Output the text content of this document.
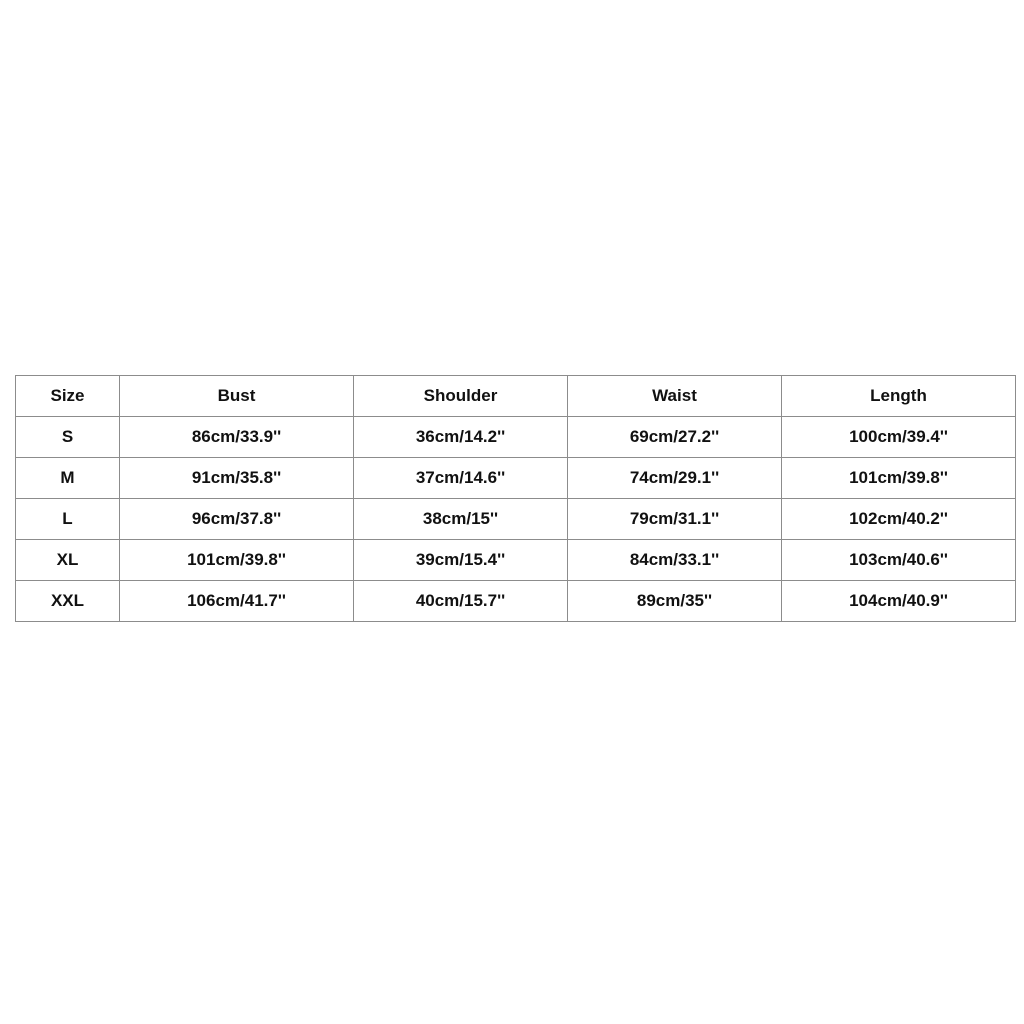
Size	Bust	Shoulder	Waist	Length
S	86cm/33.9''	36cm/14.2''	69cm/27.2''	100cm/39.4''
M	91cm/35.8''	37cm/14.6''	74cm/29.1''	101cm/39.8''
L	96cm/37.8''	38cm/15''	79cm/31.1''	102cm/40.2''
XL	101cm/39.8''	39cm/15.4''	84cm/33.1''	103cm/40.6''
XXL	106cm/41.7''	40cm/15.7''	89cm/35''	104cm/40.9''
